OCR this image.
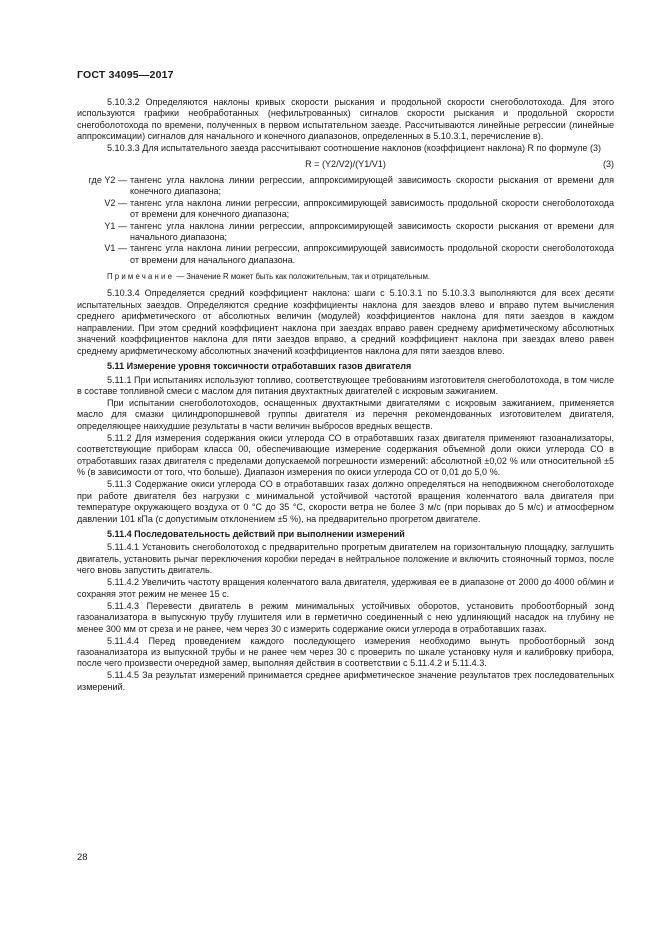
ГОСТ 34095—2017

5.10.3.2 Определяются наклоны кривых скорости рыскания и продольной скорости снегоболотохода. Для этого используются графики необработанных (нефильтрованных) сигналов скорости рыскания и продольной скорости снегоболотохода по времени, полученных в первом испытательном заезде. Рассчитываются линейные регрессии (линейные аппроксимации) сигналов для начального и конечного диапазонов, определенных в 5.10.3.1, перечисление в).

5.10.3.3 Для испытательного заезда рассчитывают соотношение наклонов (коэффициент наклона) R по формуле (3)

R = (Y2/V2)/(Y1/V1)	(3)
где Y2 — тангенс угла наклона линии регрессии, аппроксимирующей зависимость скорости рыскания от времени для конечного диапазона;
V2 — тангенс угла наклона линии регрессии, аппроксимирующей зависимость продольной скорости снегоболотохода от времени для конечного диапазона;
Y1 — тангенс угла наклона линии регрессии, аппроксимирующей зависимость скорости рыскания от времени для начального диапазона;
V1 — тангенс угла наклона линии регрессии, аппроксимирующей зависимость продольной скорости снегоболотохода от времени для начального диапазона.

Примечание — Значение R может быть как положительным, так и отрицательным.

5.10.3.4 Определяется средний коэффициент наклона: шаги с 5.10.3.1 по 5.10.3.3 выполняются для всех десяти испытательных заездов. Определяются средние коэффициенты наклона для заездов влево и вправо путем вычисления среднего арифметического от абсолютных величин (модулей) коэффициентов наклона для пяти заездов в каждом направлении. При этом средний коэффициент наклона при заездах вправо равен среднему арифметическому абсолютных значений коэффициентов наклона для пяти заездов вправо, а средний коэффициент наклона при заездах влево равен среднему арифметическому абсолютных значений коэффициентов наклона для пяти заездов влево.

5.11 Измерение уровня токсичности отработавших газов двигателя

5.11.1 При испытаниях используют топливо, соответствующее требованиям изготовителя снегоболотохода, в том числе в составе топливной смеси с маслом для питания двухтактных двигателей с искровым зажиганием.

При испытании снегоболотоходов, оснащенных двухтактными двигателями с искровым зажиганием, применяется масло для смазки цилиндропоршневой группы двигателя из перечня рекомендованных изготовителем двигателя, определяющее наихудшие результаты в части величин выбросов вредных веществ.

5.11.2 Для измерения содержания окиси углерода СО в отработавших газах двигателя применяют газоанализаторы, соответствующие приборам класса 00, обеспечивающие измерение содержания объемной доли окиси углерода СО в отработавших газах двигателя с пределами допускаемой погрешности измерений: абсолютной ±0,02 % или относительной ±5 % (в зависимости от того, что больше). Диапазон измерения по окиси углерода СО от 0,01 до 5,0 %.

5.11.3 Содержание окиси углерода СО в отработавших газах должно определяться на неподвижном снегоболотоходе при работе двигателя без нагрузки с минимальной устойчивой частотой вращения коленчатого вала двигателя при температуре окружающего воздуха от 0 °С до 35 °С, скорости ветра не более 3 м/с (при порывах до 5 м/с) и атмосферном давлении 101 кПа (с допустимым отклонением ±5 %), на предварительно прогретом двигателе.

5.11.4 Последовательность действий при выполнении измерений

5.11.4.1 Установить снегоболотоход с предварительно прогретым двигателем на горизонтальную площадку, заглушить двигатель, установить рычаг переключения коробки передач в нейтральное положение и включить стояночный тормоз, после чего вновь запустить двигатель.

5.11.4.2 Увеличить частоту вращения коленчатого вала двигателя, удерживая ее в диапазоне от 2000 до 4000 об/мин и сохраняя этот режим не менее 15 с.

5.11.4.3 Перевести двигатель в режим минимальных устойчивых оборотов, установить пробоотборный зонд газоанализатора в выпускную трубу глушителя или в герметично соединенный с нею удлиняющий насадок на глубину не менее 300 мм от среза и не ранее, чем через 30 с измерить содержание окиси углерода в отработавших газах.

5.11.4.4 Перед проведением каждого последующего измерения необходимо вынуть пробоотборный зонд газоанализатора из выпускной трубы и не ранее чем через 30 с проверить по шкале установку нуля и калибровку прибора, после чего произвести очередной замер, выполняя действия в соответствии с 5.11.4.2 и 5.11.4.3.

5.11.4.5 За результат измерений принимается среднее арифметическое значение результатов трех последовательных измерений.

28
